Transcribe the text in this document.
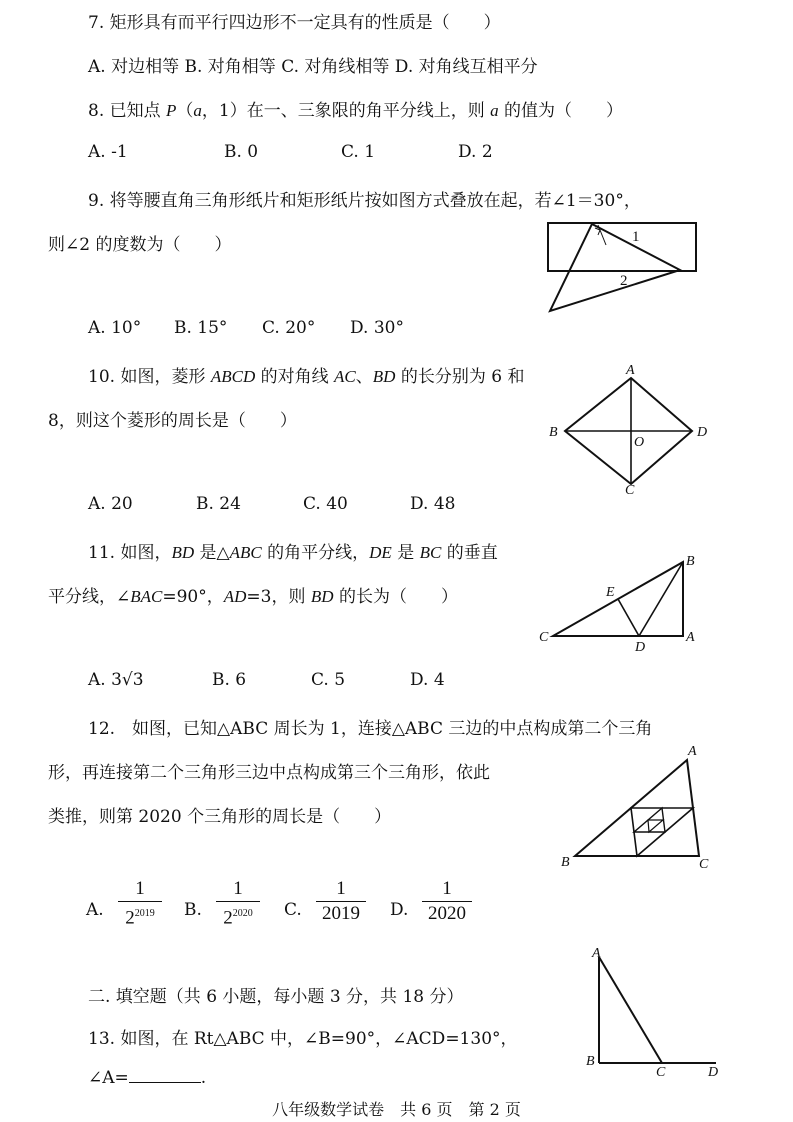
7. 矩形具有而平行四边形不一定具有的性质是（　　）
A. 对边相等 B. 对角相等 C. 对角线相等 D. 对角线互相平分
8. 已知点 P（a，1）在一、三象限的角平分线上，则 a 的值为（　　）
A. -1	B. 0	C. 1	D. 2
9. 将等腰直角三角形纸片和矩形纸片按如图方式叠放在起，若∠1＝30°，
则∠2 的度数为（　　）
A. 10° B. 15° C. 20° D. 30°
1
2
10. 如图，菱形 ABCD 的对角线 AC、BD 的长分别为 6 和
8，则这个菱形的周长是（　　）
A. 20	B. 24	C. 40	D. 48
A
B
O
D
C
11. 如图，BD 是△ABC 的角平分线，DE 是 BC 的垂直
平分线，∠BAC=90°，AD=3，则 BD 的长为（　　）
A. 3√3	B. 6	C. 5	D. 4
B
E
C
D
A
12.　如图，已知△ABC 周长为 1，连接△ABC 三边的中点构成第二个三角
形，再连接第二个三角形三边中点构成第三个三角形，依此
类推，则第 2020 个三角形的周长是（　　）
A.
1
$2^{2019}$	B.
1
$2^{2020}$	C.
1
2019	D.
1
2020
A
B	C
二. 填空题（共 6 小题，每小题 3 分，共 18 分）
13. 如图，在 Rt△ABC 中，∠B=90°，∠ACD=130°，
∠A=	.
A
B
C	D
八年级数学试卷　共 6 页　第 2 页
